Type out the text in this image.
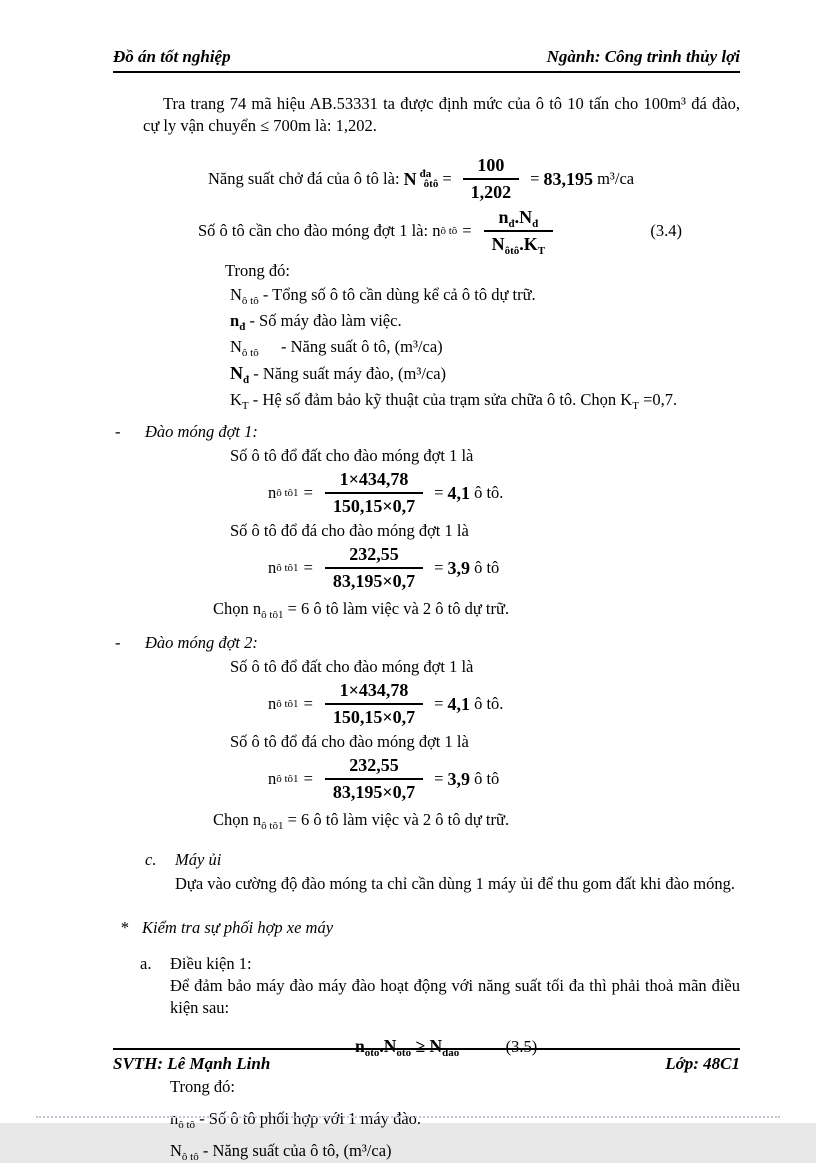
Đồ án tốt nghiệp	Ngành: Công trình thủy lợi

Tra trang 74 mã hiệu AB.53331 ta được định mức của ô tô 10 tấn cho 100m³ đá đào, cự ly vận chuyển ≤ 700m là: 1,202.

Năng suất chở đá của ô tô là:
N đa
ôtô = $\frac{100}{1,202} = 83,195$
m³/ca
Số ô tô cần cho đào móng đợt 1 là:
n ô tô = $\frac{n_đ.N_đ}{N_{ôtô}.K_T}$	(3.4)
Trong đó:
$N_{ô tô}$ - Tổng số ô tô cần dùng kể cả ô tô dự trữ.
$n_đ$ - Số máy đào làm việc.
$N_{ô tô}$ - Năng suất ô tô, (m³/ca)
$N_đ$ - Năng suất máy đào, (m³/ca)
$K_T$ - Hệ số đảm bảo kỹ thuật của trạm sửa chữa ô tô. Chọn $K_T =0,7$.
-	Đào móng đợt 1:
Số ô tô đổ đất cho đào móng đợt 1 là
n ô tô1 = $\frac{1\times 434,78}{150,15\times 0,7} = 4,1$
ô tô.
Số ô tô đổ đá cho đào móng đợt 1 là
n ô tô1 = $\frac{232,55}{83,195\times 0,7} = 3,9$
ô tô
Chọn $n_{ô tô1} = 6$ ô tô làm việc và 2 ô tô dự trữ.
-	Đào móng đợt 2:
Số ô tô đổ đất cho đào móng đợt 1 là
n ô tô1 = $\frac{1\times 434,78}{150,15\times 0,7} = 4,1$
ô tô.
Số ô tô đổ đá cho đào móng đợt 1 là
n ô tô1 = $\frac{232,55}{83,195\times 0,7} = 3,9$
ô tô
Chọn $n_{ô tô1} = 6$ ô tô làm việc và 2 ô tô dự trữ.
c.	Máy ủi

Dựa vào cường độ đào móng ta chỉ cần dùng 1 máy ủi để thu gom đất khi đào móng.

* Kiểm tra sự phối hợp xe máy
a.	Điều kiện 1:

Để đảm bảo máy đào máy đào hoạt động với năng suất tối đa thì phải thoả mãn điều kiện sau:

$n_{ôtô}.N_{ôtô} \ge N_{đào}$	(3.5)
Trong đó:
$n_{ô tô}$ - Số ô tô phối hợp với 1 máy đào.
$N_{ô tô}$ - Năng suất của ô tô, (m³/ca)
SVTH: Lê Mạnh Linh	Lớp: 48C1
